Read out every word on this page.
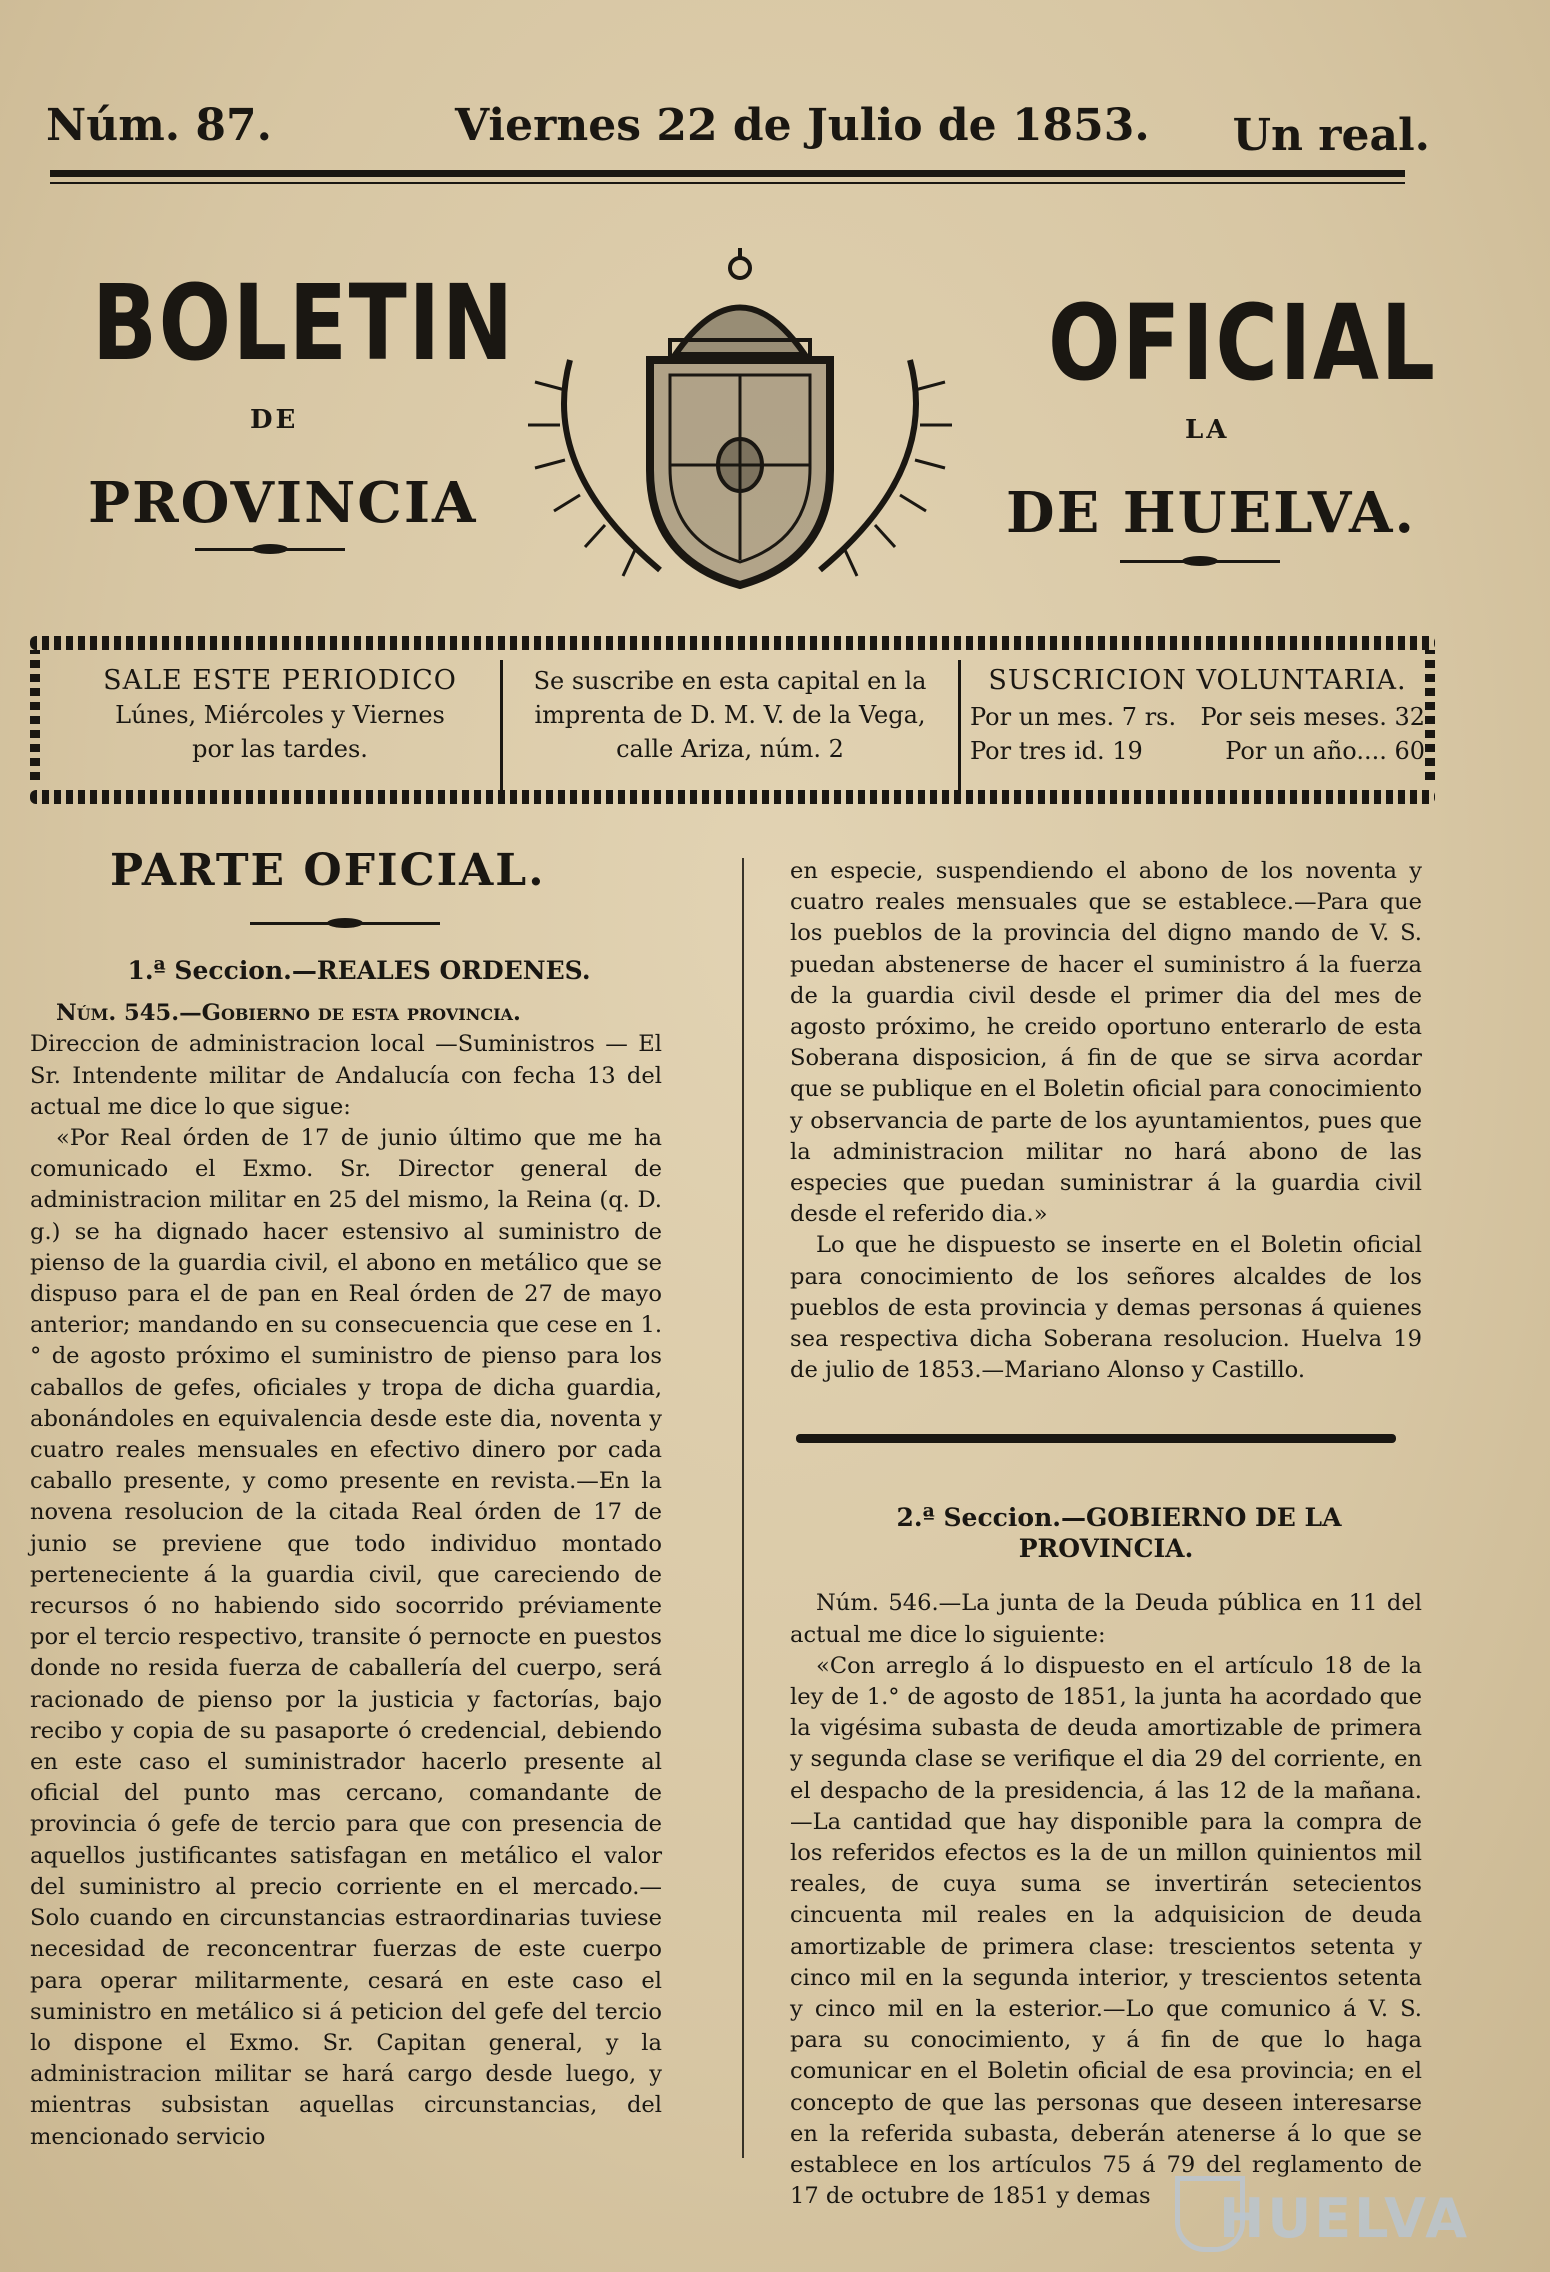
Núm. 87.	Viernes 22 de Julio de 1853. Un real.
BOLETIN
DE
PROVINCIA
OFICIAL
LA
DE HUELVA.
SALE ESTE PERIODICO
Lúnes, Miércoles y Viernes
por las tardes.
Se suscribe en esta capital en la
imprenta de D. M. V. de la Vega,
calle Ariza, núm. 2
SUSCRICION VOLUNTARIA.
Por un mes. 7 rs. Por seis meses. 32
Por tres id. 19	Por un año.... 60
PARTE OFICIAL.

1.ª Seccion.—REALES ORDENES.

Núm. 545.—Gobierno de esta provincia.

Direccion de administracion local —Suministros — El Sr. Intendente militar de Andalucía con fecha 13 del actual me dice lo que sigue:

«Por Real órden de 17 de junio último que me ha comunicado el Exmo. Sr. Director general de administracion militar en 25 del mismo, la Reina (q. D. g.) se ha dignado hacer estensivo al suministro de pienso de la guardia civil, el abono en metálico que se dispuso para el de pan en Real órden de 27 de mayo anterior; mandando en su consecuencia que cese en 1.° de agosto próximo el suministro de pienso para los caballos de gefes, oficiales y tropa de dicha guardia, abonándoles en equivalencia desde este dia, noventa y cuatro reales mensuales en efectivo dinero por cada caballo presente, y como presente en revista.—En la novena resolucion de la citada Real órden de 17 de junio se previene que todo individuo montado perteneciente á la guardia civil, que careciendo de recursos ó no habiendo sido socorrido préviamente por el tercio respectivo, transite ó pernocte en puestos donde no resida fuerza de caballería del cuerpo, será racionado de pienso por la justicia y factorías, bajo recibo y copia de su pasaporte ó credencial, debiendo en este caso el suministrador hacerlo presente al oficial del punto mas cercano, comandante de provincia ó gefe de tercio para que con presencia de aquellos justificantes satisfagan en metálico el valor del suministro al precio corriente en el mercado.—Solo cuando en circunstancias estraordinarias tuviese necesidad de reconcentrar fuerzas de este cuerpo para operar militarmente, cesará en este caso el suministro en metálico si á peticion del gefe del tercio lo dispone el Exmo. Sr. Capitan general, y la administracion militar se hará cargo desde luego, y mientras subsistan aquellas circunstancias, del mencionado servicio

en especie, suspendiendo el abono de los noventa y cuatro reales mensuales que se establece.—Para que los pueblos de la provincia del digno mando de V. S. puedan abstenerse de hacer el suministro á la fuerza de la guardia civil desde el primer dia del mes de agosto próximo, he creido oportuno enterarlo de esta Soberana disposicion, á fin de que se sirva acordar que se publique en el Boletin oficial para conocimiento y observancia de parte de los ayuntamientos, pues que la administracion militar no hará abono de las especies que puedan suministrar á la guardia civil desde el referido dia.»

Lo que he dispuesto se inserte en el Boletin oficial para conocimiento de los señores alcaldes de los pueblos de esta provincia y demas personas á quienes sea respectiva dicha Soberana resolucion. Huelva 19 de julio de 1853.—Mariano Alonso y Castillo.

2.ª Seccion.—GOBIERNO DE LA PROVINCIA.

Núm. 546.—La junta de la Deuda pública en 11 del actual me dice lo siguiente:

«Con arreglo á lo dispuesto en el artículo 18 de la ley de 1.° de agosto de 1851, la junta ha acordado que la vigésima subasta de deuda amortizable de primera y segunda clase se verifique el dia 29 del corriente, en el despacho de la presidencia, á las 12 de la mañana.—La cantidad que hay disponible para la compra de los referidos efectos es la de un millon quinientos mil reales, de cuya suma se invertirán setecientos cincuenta mil reales en la adquisicion de deuda amortizable de primera clase: trescientos setenta y cinco mil en la segunda interior, y trescientos setenta y cinco mil en la esterior.—Lo que comunico á V. S. para su conocimiento, y á fin de que lo haga comunicar en el Boletin oficial de esa provincia; en el concepto de que las personas que deseen interesarse en la referida subasta, deberán atenerse á lo que se establece en los artículos 75 á 79 del reglamento de 17 de octubre de 1851 y demas	HUELVA
